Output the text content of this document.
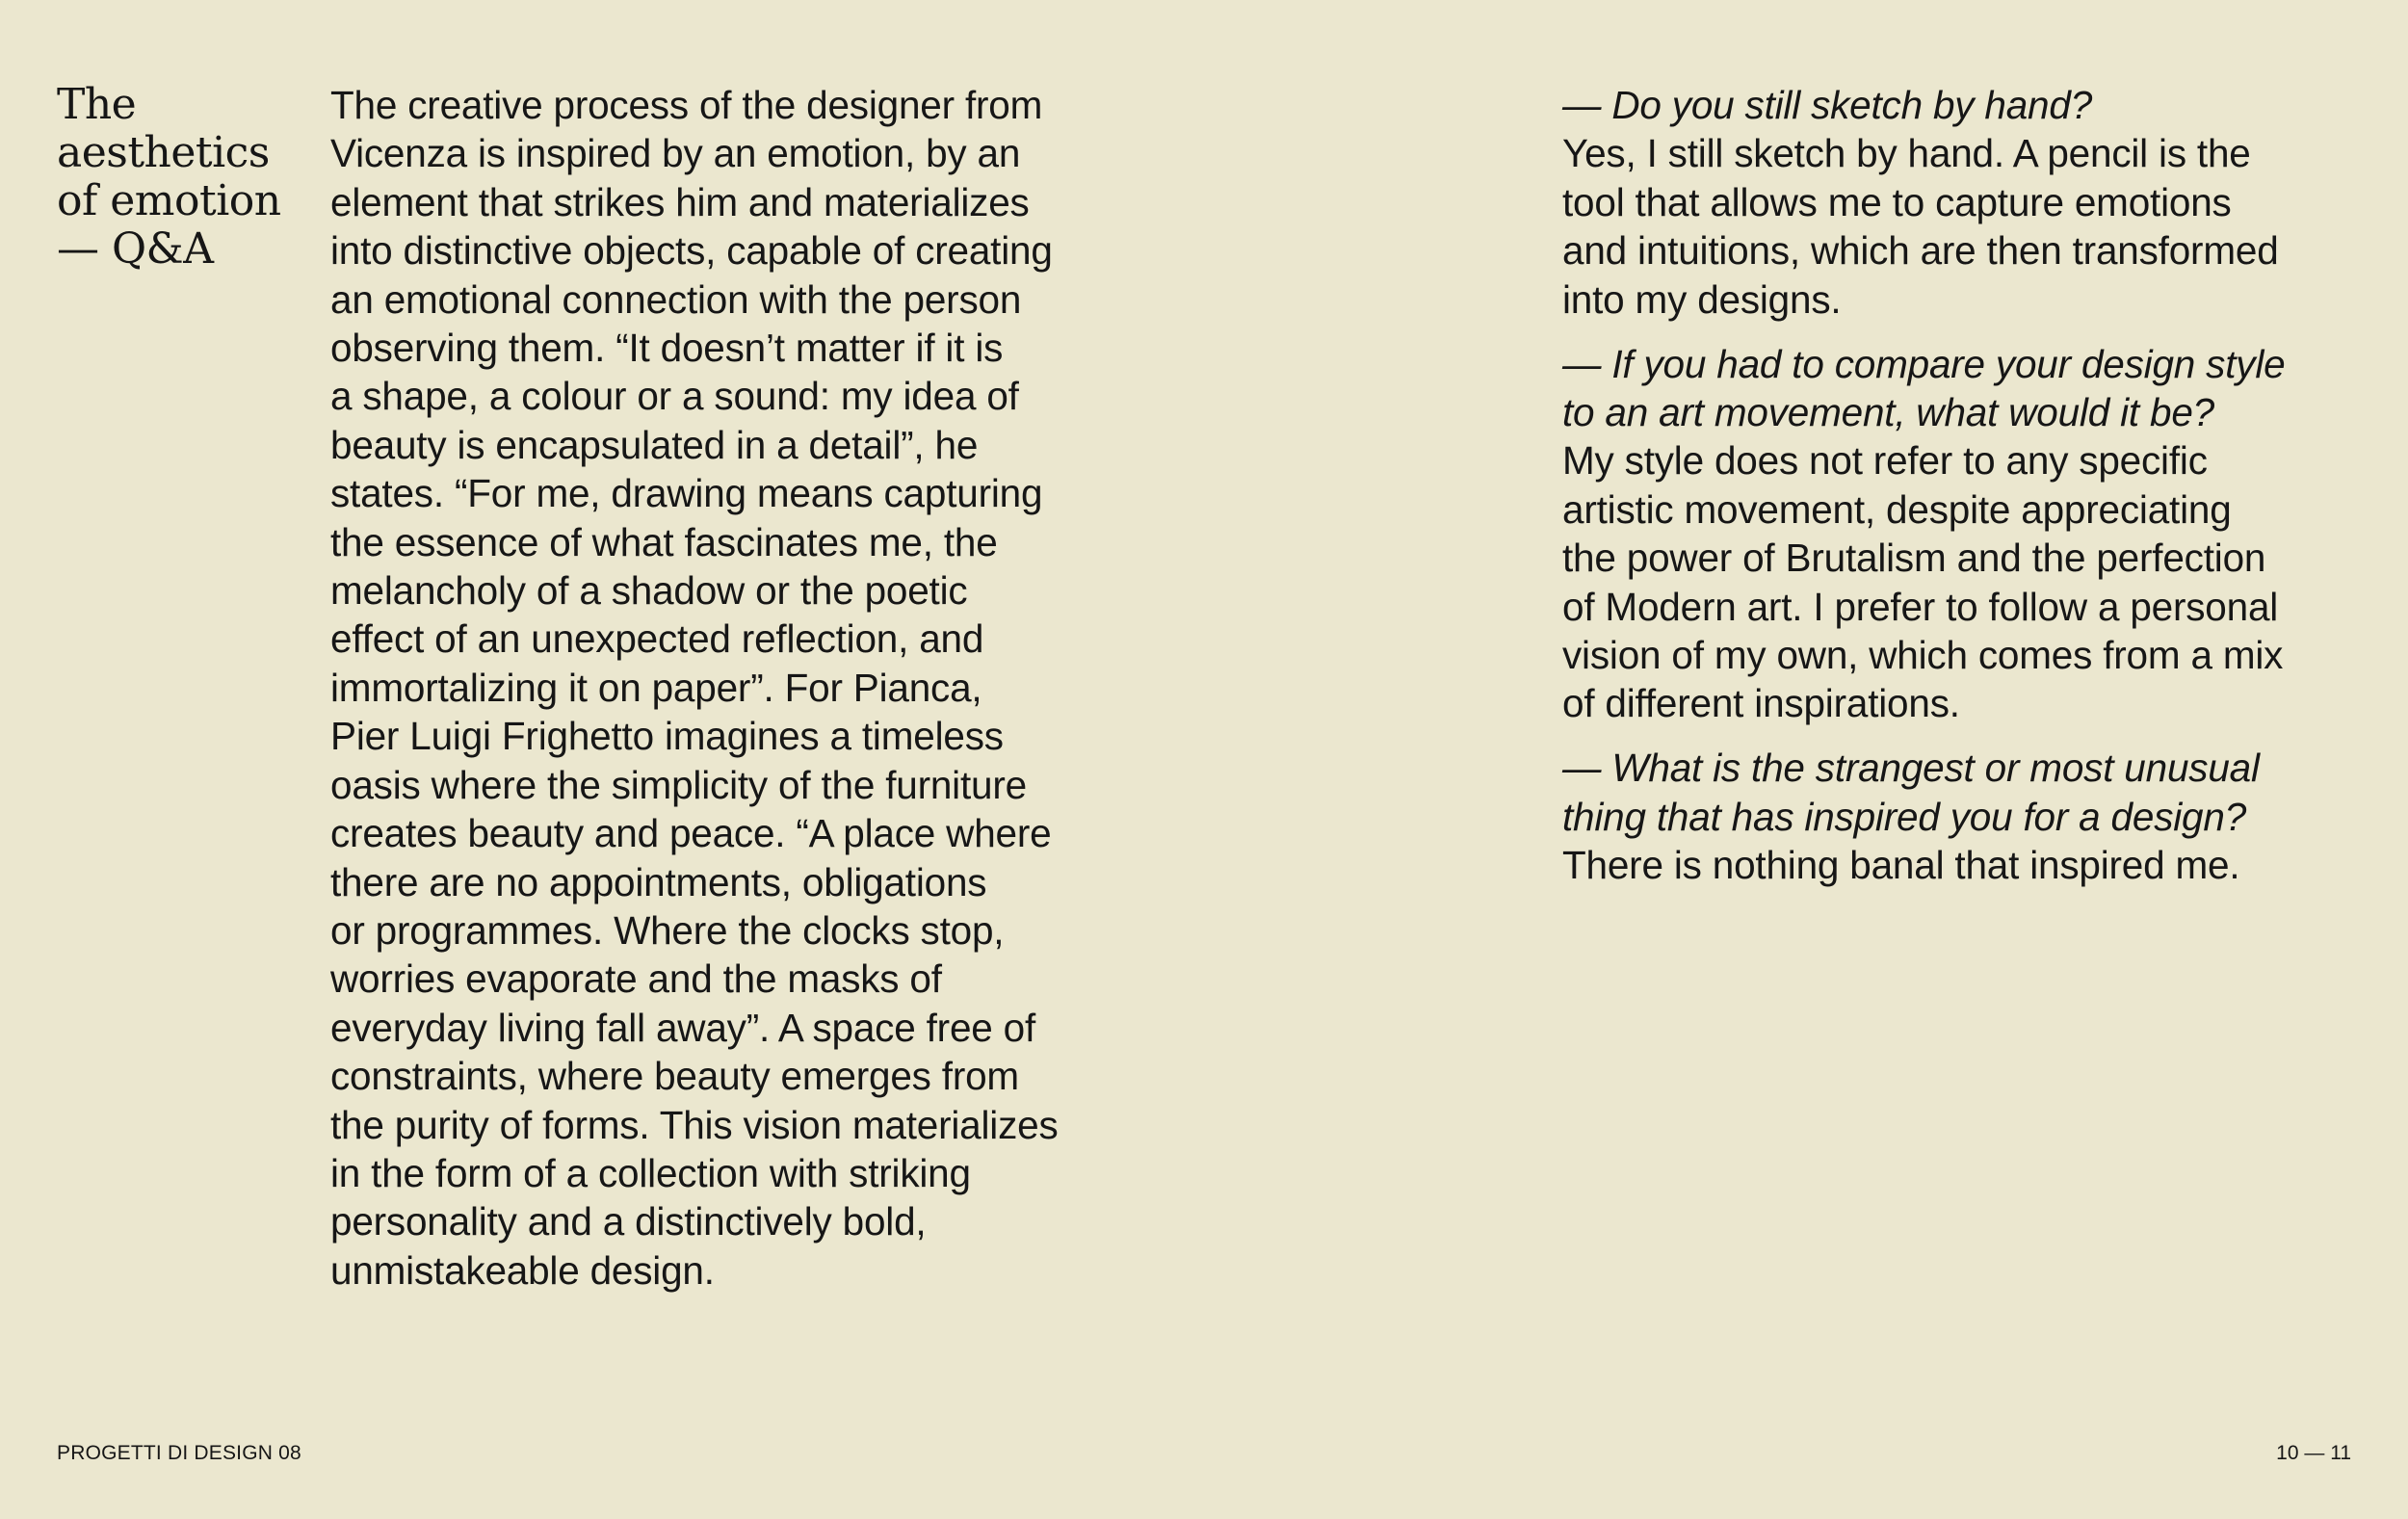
The
aesthetics
of emotion
— Q&A
The creative process of the designer from
Vicenza is inspired by an emotion, by an
element that strikes him and materializes
into distinctive objects, capable of creating
an emotional connection with the person
observing them. “It doesn’t matter if it is
a shape, a colour or a sound: my idea of
beauty is encapsulated in a detail”, he
states. “For me, drawing means capturing
the essence of what fascinates me, the
melancholy of a shadow or the poetic
effect of an unexpected reflection, and
immortalizing it on paper”. For Pianca,
Pier Luigi Frighetto imagines a timeless
oasis where the simplicity of the furniture
creates beauty and peace. “A place where
there are no appointments, obligations
or programmes. Where the clocks stop,
worries evaporate and the masks of
everyday living fall away”. A space free of
constraints, where beauty emerges from
the purity of forms. This vision materializes
in the form of a collection with striking
personality and a distinctively bold,
unmistakeable design.
— Do you still sketch by hand?
Yes, I still sketch by hand. A pencil is the
tool that allows me to capture emotions
and intuitions, which are then transformed
into my designs.
— If you had to compare your design style
to an art movement, what would it be?
My style does not refer to any specific
artistic movement, despite appreciating
the power of Brutalism and the perfection
of Modern art. I prefer to follow a personal
vision of my own, which comes from a mix
of different inspirations.
— What is the strangest or most unusual
thing that has inspired you for a design?
There is nothing banal that inspired me.
PROGETTI DI DESIGN 08	10 — 11
